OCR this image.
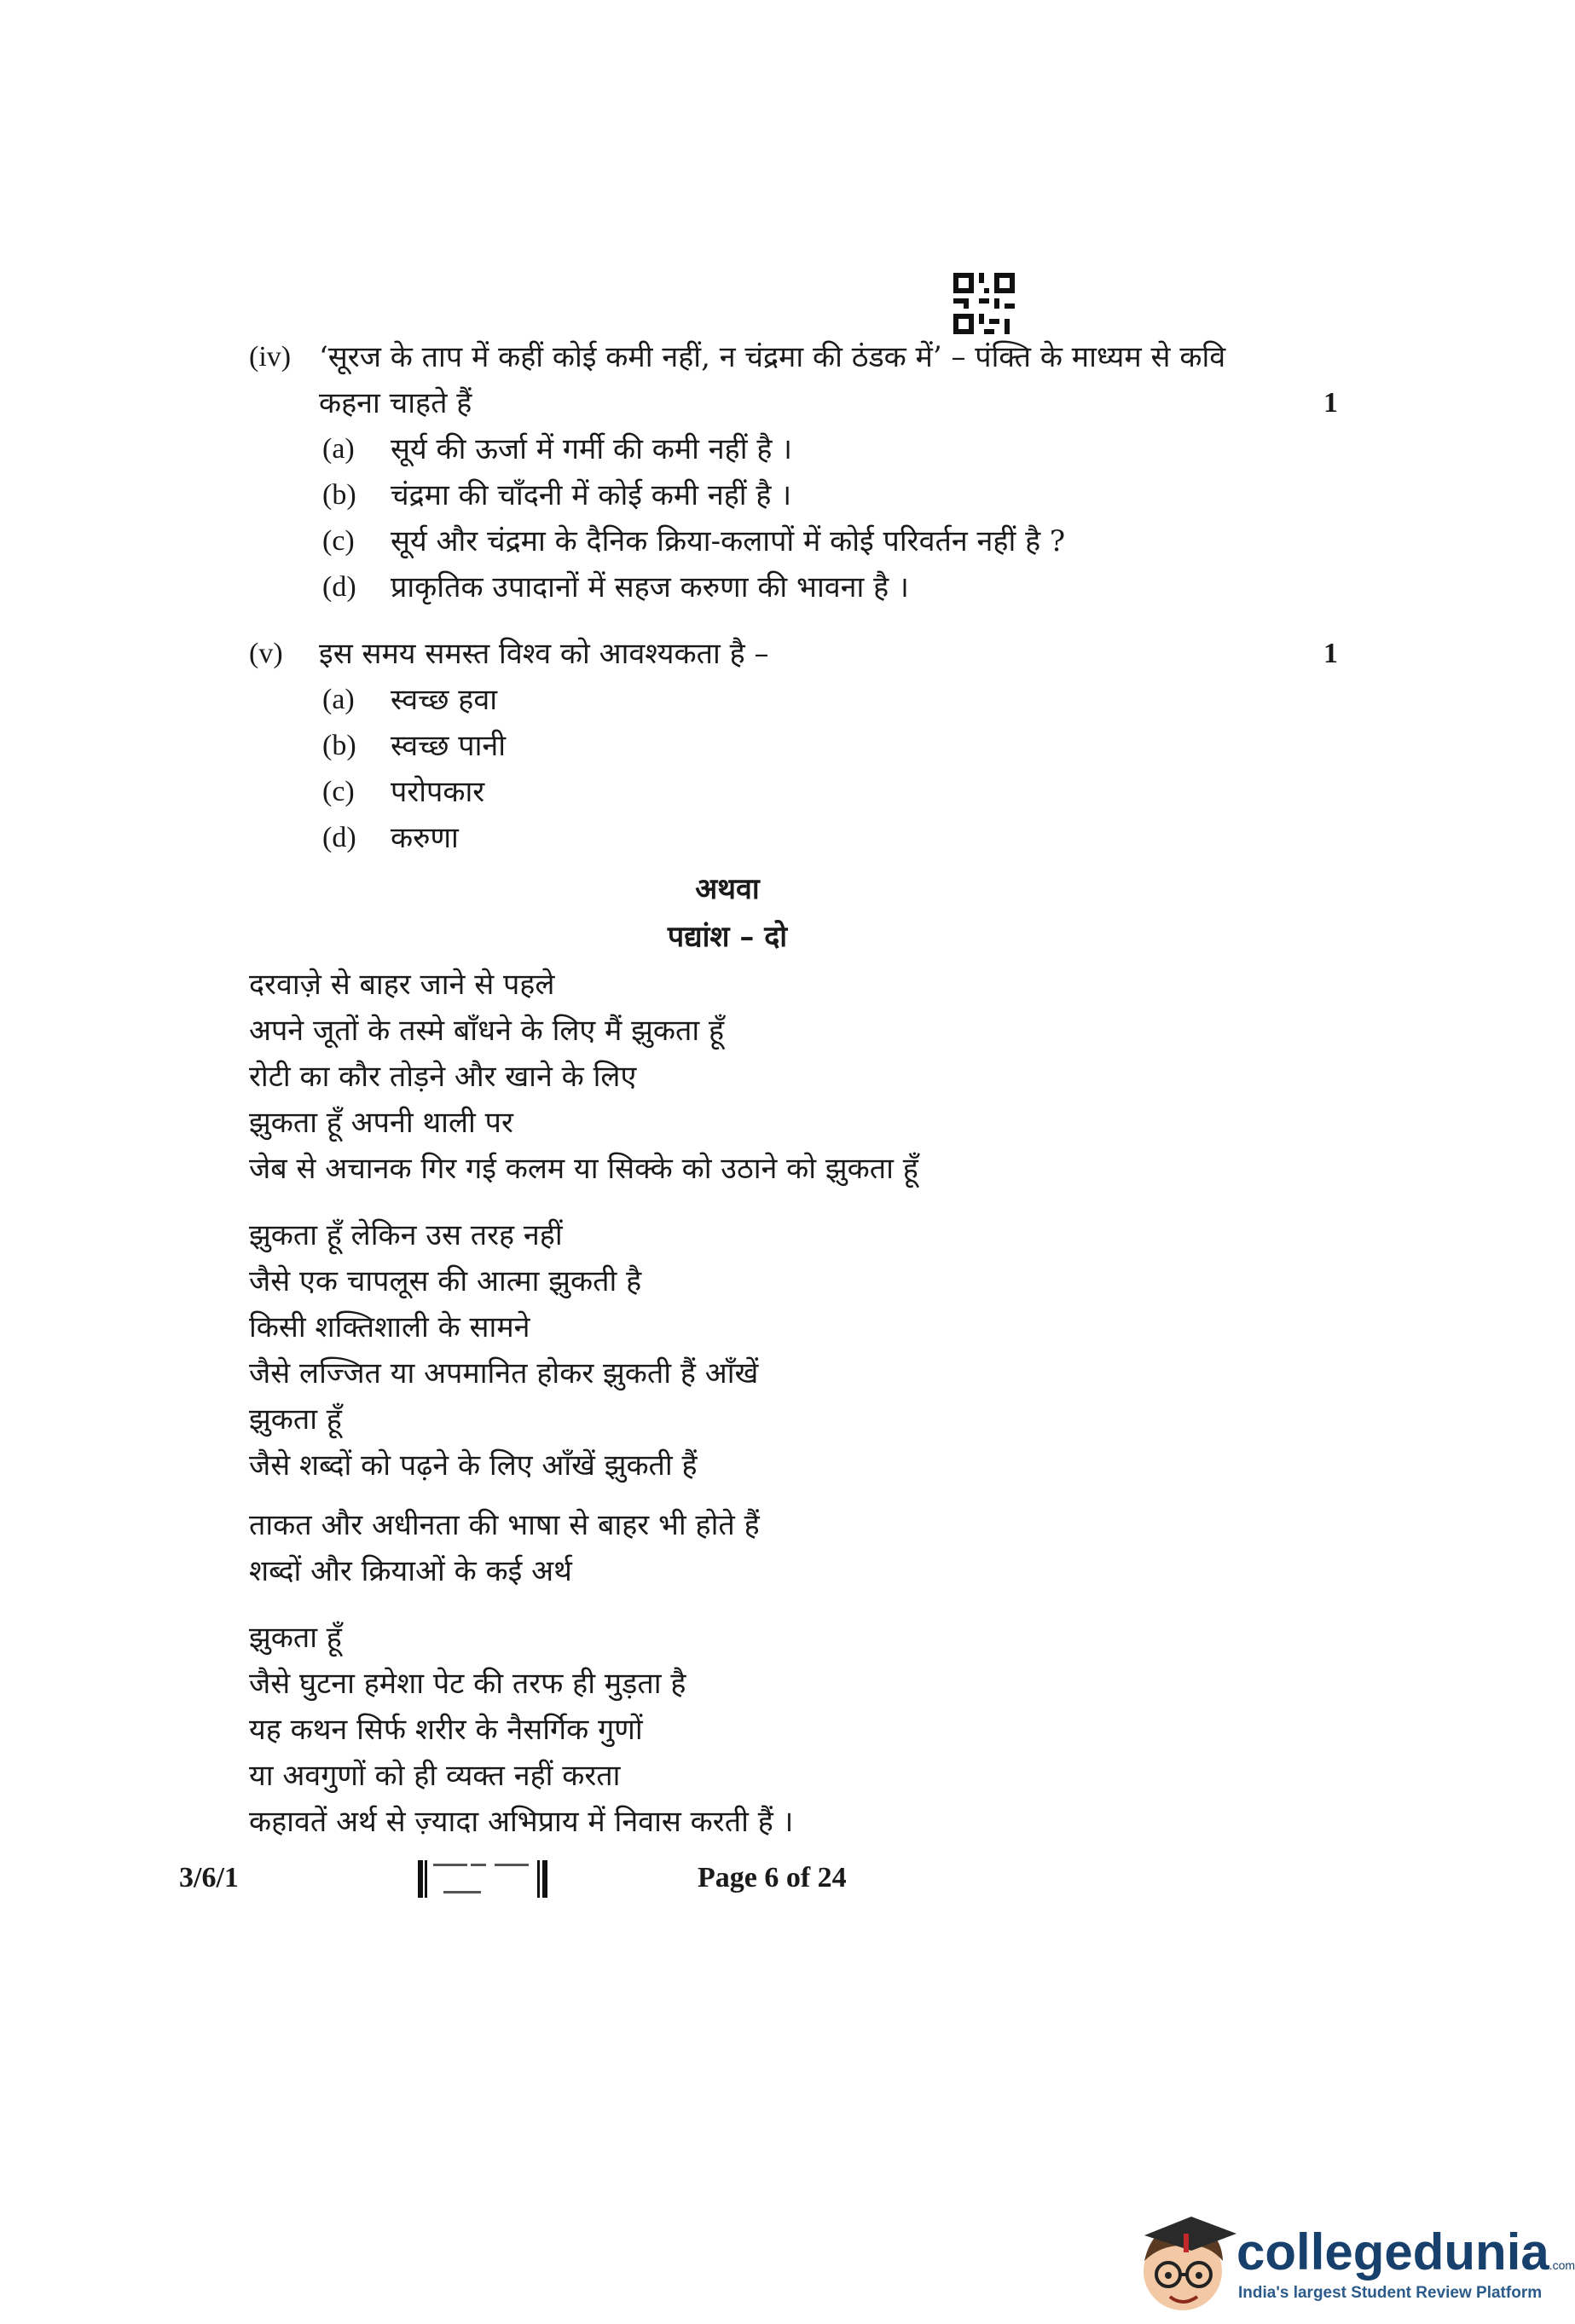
(iv) ‘सूरज के ताप में कहीं कोई कमी नहीं, न चंद्रमा की ठंडक में’ – पंक्ति के माध्यम से कवि
कहना चाहते हैं	1
(a) सूर्य की ऊर्जा में गर्मी की कमी नहीं है ।
(b) चंद्रमा की चाँदनी में कोई कमी नहीं है ।
(c) सूर्य और चंद्रमा के दैनिक क्रिया-कलापों में कोई परिवर्तन नहीं है ?
(d) प्राकृतिक उपादानों में सहज करुणा की भावना है ।
(v) इस समय समस्त विश्व को आवश्यकता है –	1
(a) स्वच्छ हवा
(b) स्वच्छ पानी
(c) परोपकार
(d) करुणा
अथवा
पद्यांश – दो
दरवाज़े से बाहर जाने से पहले
अपने जूतों के तस्मे बाँधने के लिए मैं झुकता हूँ
रोटी का कौर तोड़ने और खाने के लिए
झुकता हूँ अपनी थाली पर
जेब से अचानक गिर गई कलम या सिक्के को उठाने को झुकता हूँ
झुकता हूँ लेकिन उस तरह नहीं
जैसे एक चापलूस की आत्मा झुकती है
किसी शक्तिशाली के सामने
जैसे लज्जित या अपमानित होकर झुकती हैं आँखें
झुकता हूँ
जैसे शब्दों को पढ़ने के लिए आँखें झुकती हैं
ताकत और अधीनता की भाषा से बाहर भी होते हैं
शब्दों और क्रियाओं के कई अर्थ
झुकता हूँ
जैसे घुटना हमेशा पेट की तरफ ही मुड़ता है
यह कथन सिर्फ शरीर के नैसर्गिक गुणों
या अवगुणों को ही व्यक्त नहीं करता
कहावतें अर्थ से ज़्यादा अभिप्राय में निवास करती हैं ।
3/6/1	Page 6 of 24
collegedunia.com
India's largest Student Review Platform
